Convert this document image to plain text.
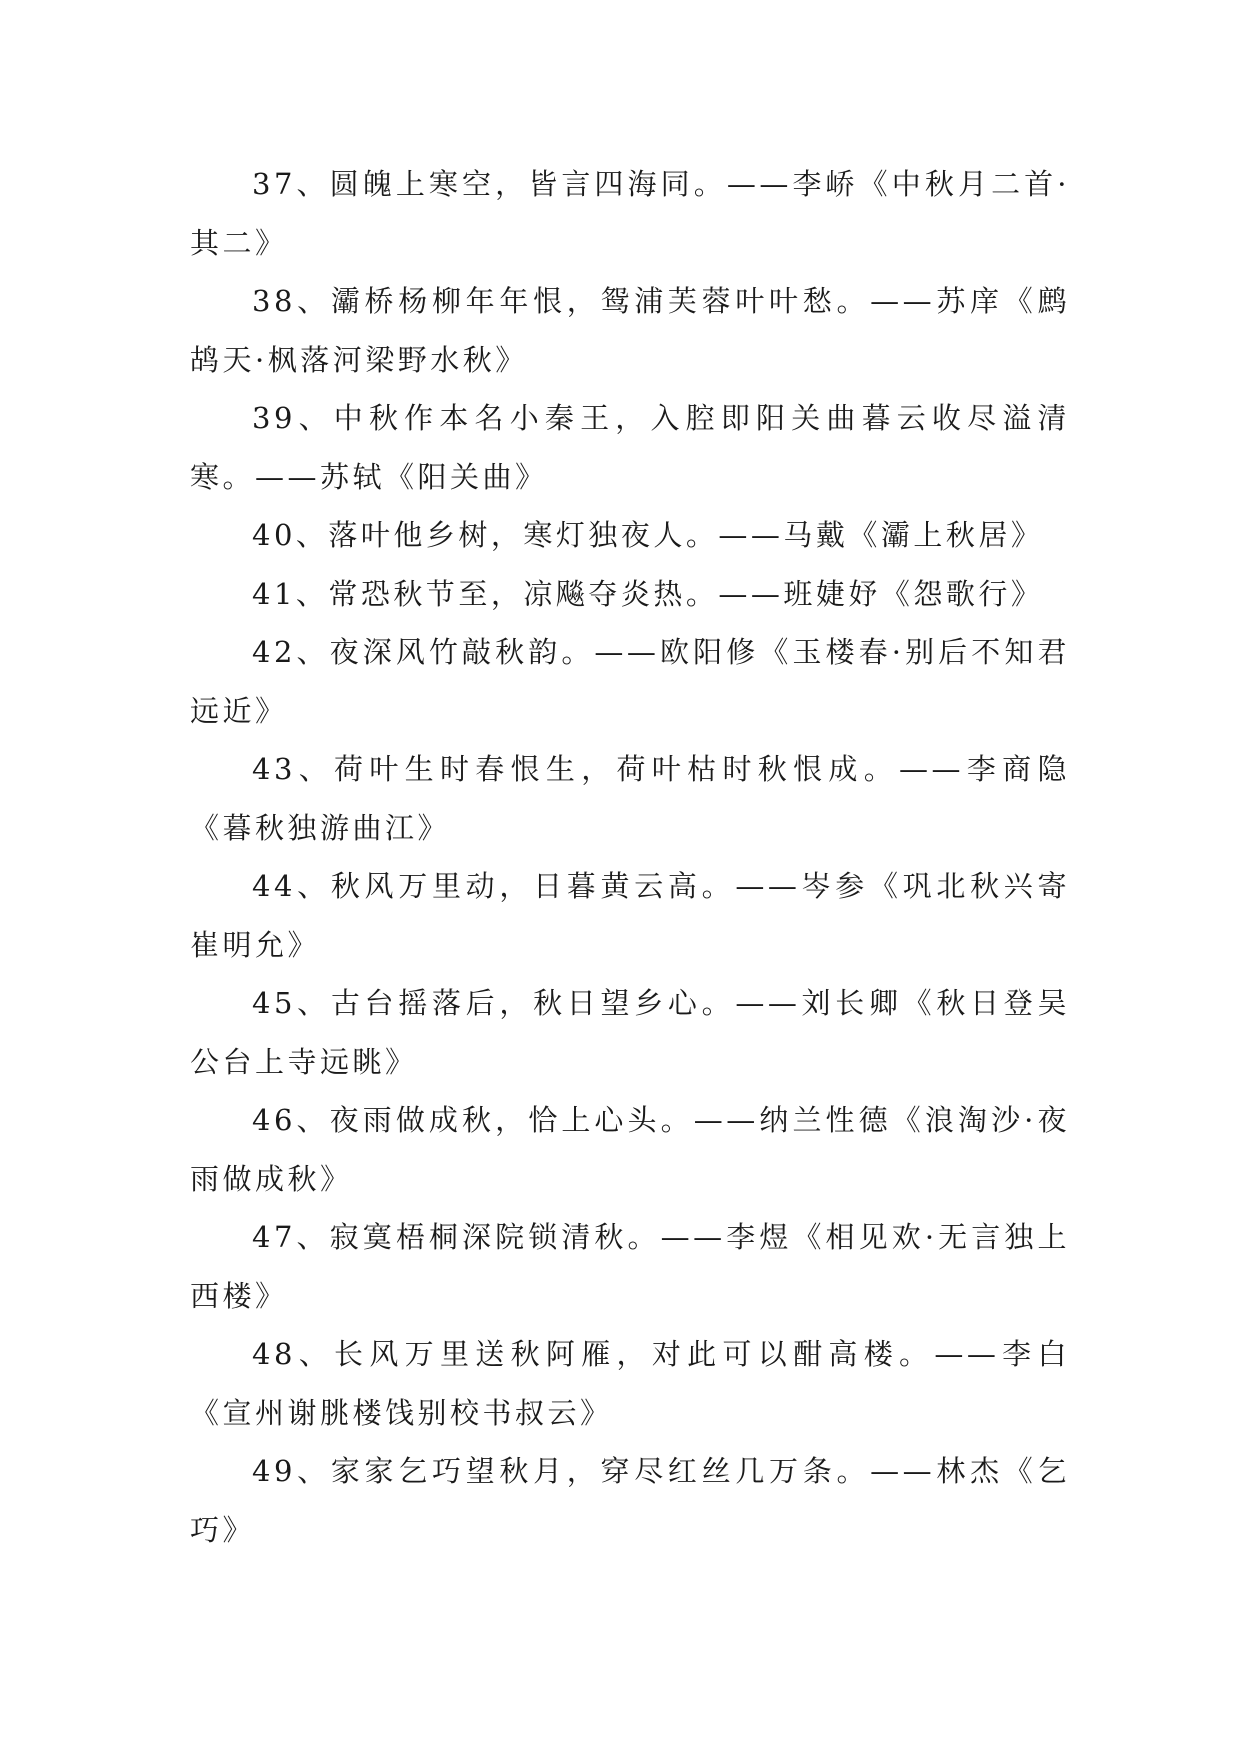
37、圆魄上寒空，皆言四海同。——李峤《中秋月二首·其二》

38、灞桥杨柳年年恨，鸳浦芙蓉叶叶愁。——苏庠《鹧鸪天·枫落河梁野水秋》

39、中秋作本名小秦王，入腔即阳关曲暮云收尽溢清寒。——苏轼《阳关曲》

40、落叶他乡树，寒灯独夜人。——马戴《灞上秋居》

41、常恐秋节至，凉飚夺炎热。——班婕妤《怨歌行》

42、夜深风竹敲秋韵。——欧阳修《玉楼春·别后不知君远近》

43、荷叶生时春恨生，荷叶枯时秋恨成。——李商隐《暮秋独游曲江》

44、秋风万里动，日暮黄云高。——岑参《巩北秋兴寄崔明允》

45、古台摇落后，秋日望乡心。——刘长卿《秋日登吴公台上寺远眺》

46、夜雨做成秋，恰上心头。——纳兰性德《浪淘沙·夜雨做成秋》

47、寂寞梧桐深院锁清秋。——李煜《相见欢·无言独上西楼》

48、长风万里送秋阿雁，对此可以酣高楼。——李白《宣州谢朓楼饯别校书叔云》

49、家家乞巧望秋月，穿尽红丝几万条。——林杰《乞巧》
